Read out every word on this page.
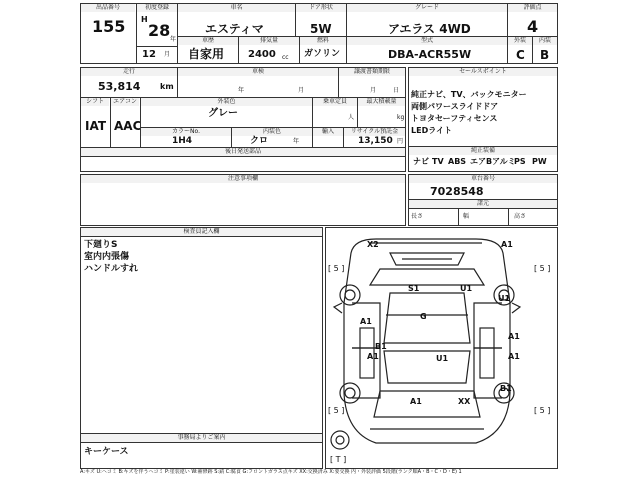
出品番号
155
初度登録
H
28 年
12 月
車名
エスティマ
ドア形状
5W
グレード
アエラス 4WD
車歴
自家用
排気量
2400 cc
燃料
ガソリン
型式
DBA-ACR55W
評価点
4
外装	内装
C B
走行
53,814 km
車検
年	月
譲渡書類期限
月	日
シフト
IAT
エアコン
AAC
外装色
グレー
乗車定員
人
最大積載量
kg
カラーNo.	内装色	輸入	リサイクル預託金
1H4	クロ	年	13,150 円
後日発送部品
セールスポイント
純正ナビ、TV、バックモニター
両側パワースライドドア
トヨタセーフティセンス
LEDライト
純正装備
ナビ TV ABS エアB アルミ
PS PW
注意事項欄	車台番号
7028548
諸元
長さ	幅	高さ
検査員記入欄
下廻りS
室内内張傷
ハンドルすれ
事務局よりご案内
キーケース
X2	A1
S1	U1
U1
G
A1
A1
B1
A1	U1	A1
B1
A1	XX
[ 5 ]	[ 5 ]
[ 5 ]	[ 5 ]
[ T ]
A:キズ U:ヘコミ B:キズを伴うヘコミ P:塗装違い W:補修跡 S:錆 C:腐食 G:フロントガラス点キズ XX:交換済み X:要交換 内・外装評価 5段階(ランク順A・B・C・D・E) 1
